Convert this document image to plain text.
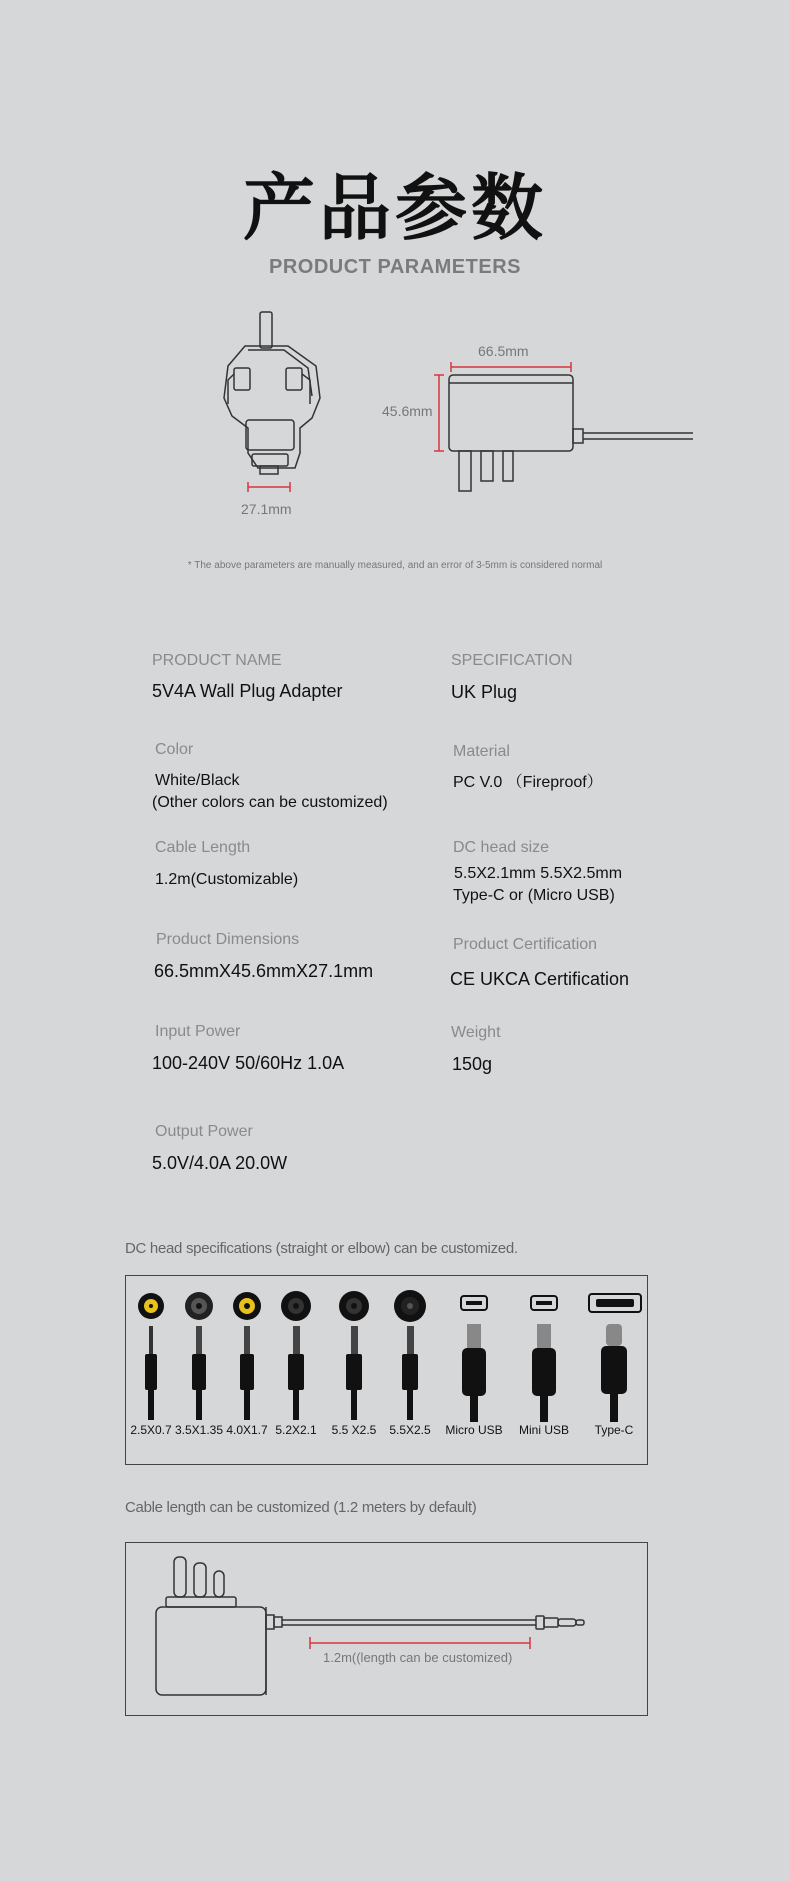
产品参数
PRODUCT PARAMETERS
27.1mm
66.5mm
45.6mm
* The above parameters are manually measured, and an error of 3-5mm is considered normal
PRODUCT NAME
5V4A Wall Plug Adapter
SPECIFICATION
UK Plug
Color
White/Black
(Other colors can be customized)
Material
PC V.0 （Fireproof）
Cable Length
1.2m(Customizable)
DC head size
5.5X2.1mm 5.5X2.5mm
Type-C or (Micro USB)
Product Dimensions
66.5mmX45.6mmX27.1mm
Product Certification
CE UKCA Certification
Input Power
100-240V 50/60Hz 1.0A
Weight
150g
Output Power
5.0V/4.0A 20.0W
DC head specifications (straight or elbow) can be customized.
2.5X0.7 3.5X1.35 4.0X1.7 5.2X2.1	5.5 X2.5	5.5X2.5	Micro USB	Mini USB	Type-C
Cable length can be customized (1.2 meters by default)
1.2m((length can be customized)
